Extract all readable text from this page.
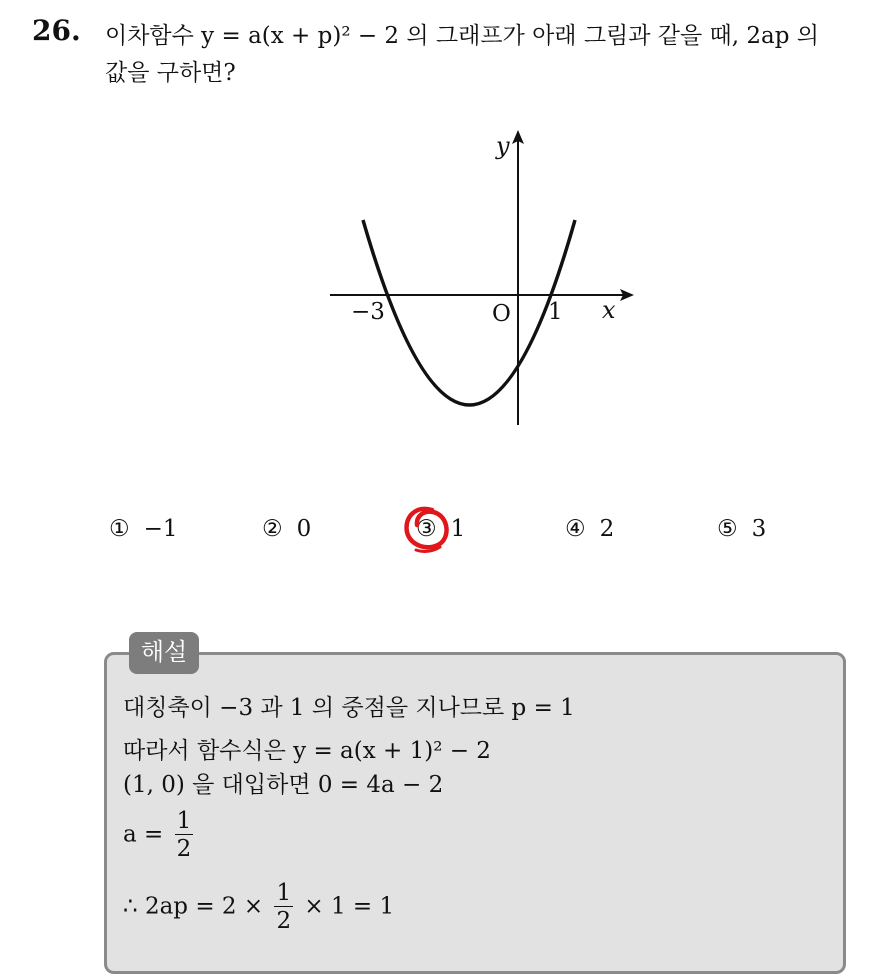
26. 이차함수 y = a(x + p)² − 2 의 그래프가 아래 그림과 같을 때, 2ap 의
값을 구하면?
y
x
O
−3	1
① −1	② 0	③ 1	④ 2	⑤ 3
해설
대칭축이 −3 과 1 의 중점을 지나므로 p = 1
따라서 함수식은 y = a(x + 1)² − 2
(1, 0) 을 대입하면 0 = 4a − 2
$a = \frac{1}{2}$
∴ $2ap = 2 \times \frac{1}{2} \times 1 = 1$
